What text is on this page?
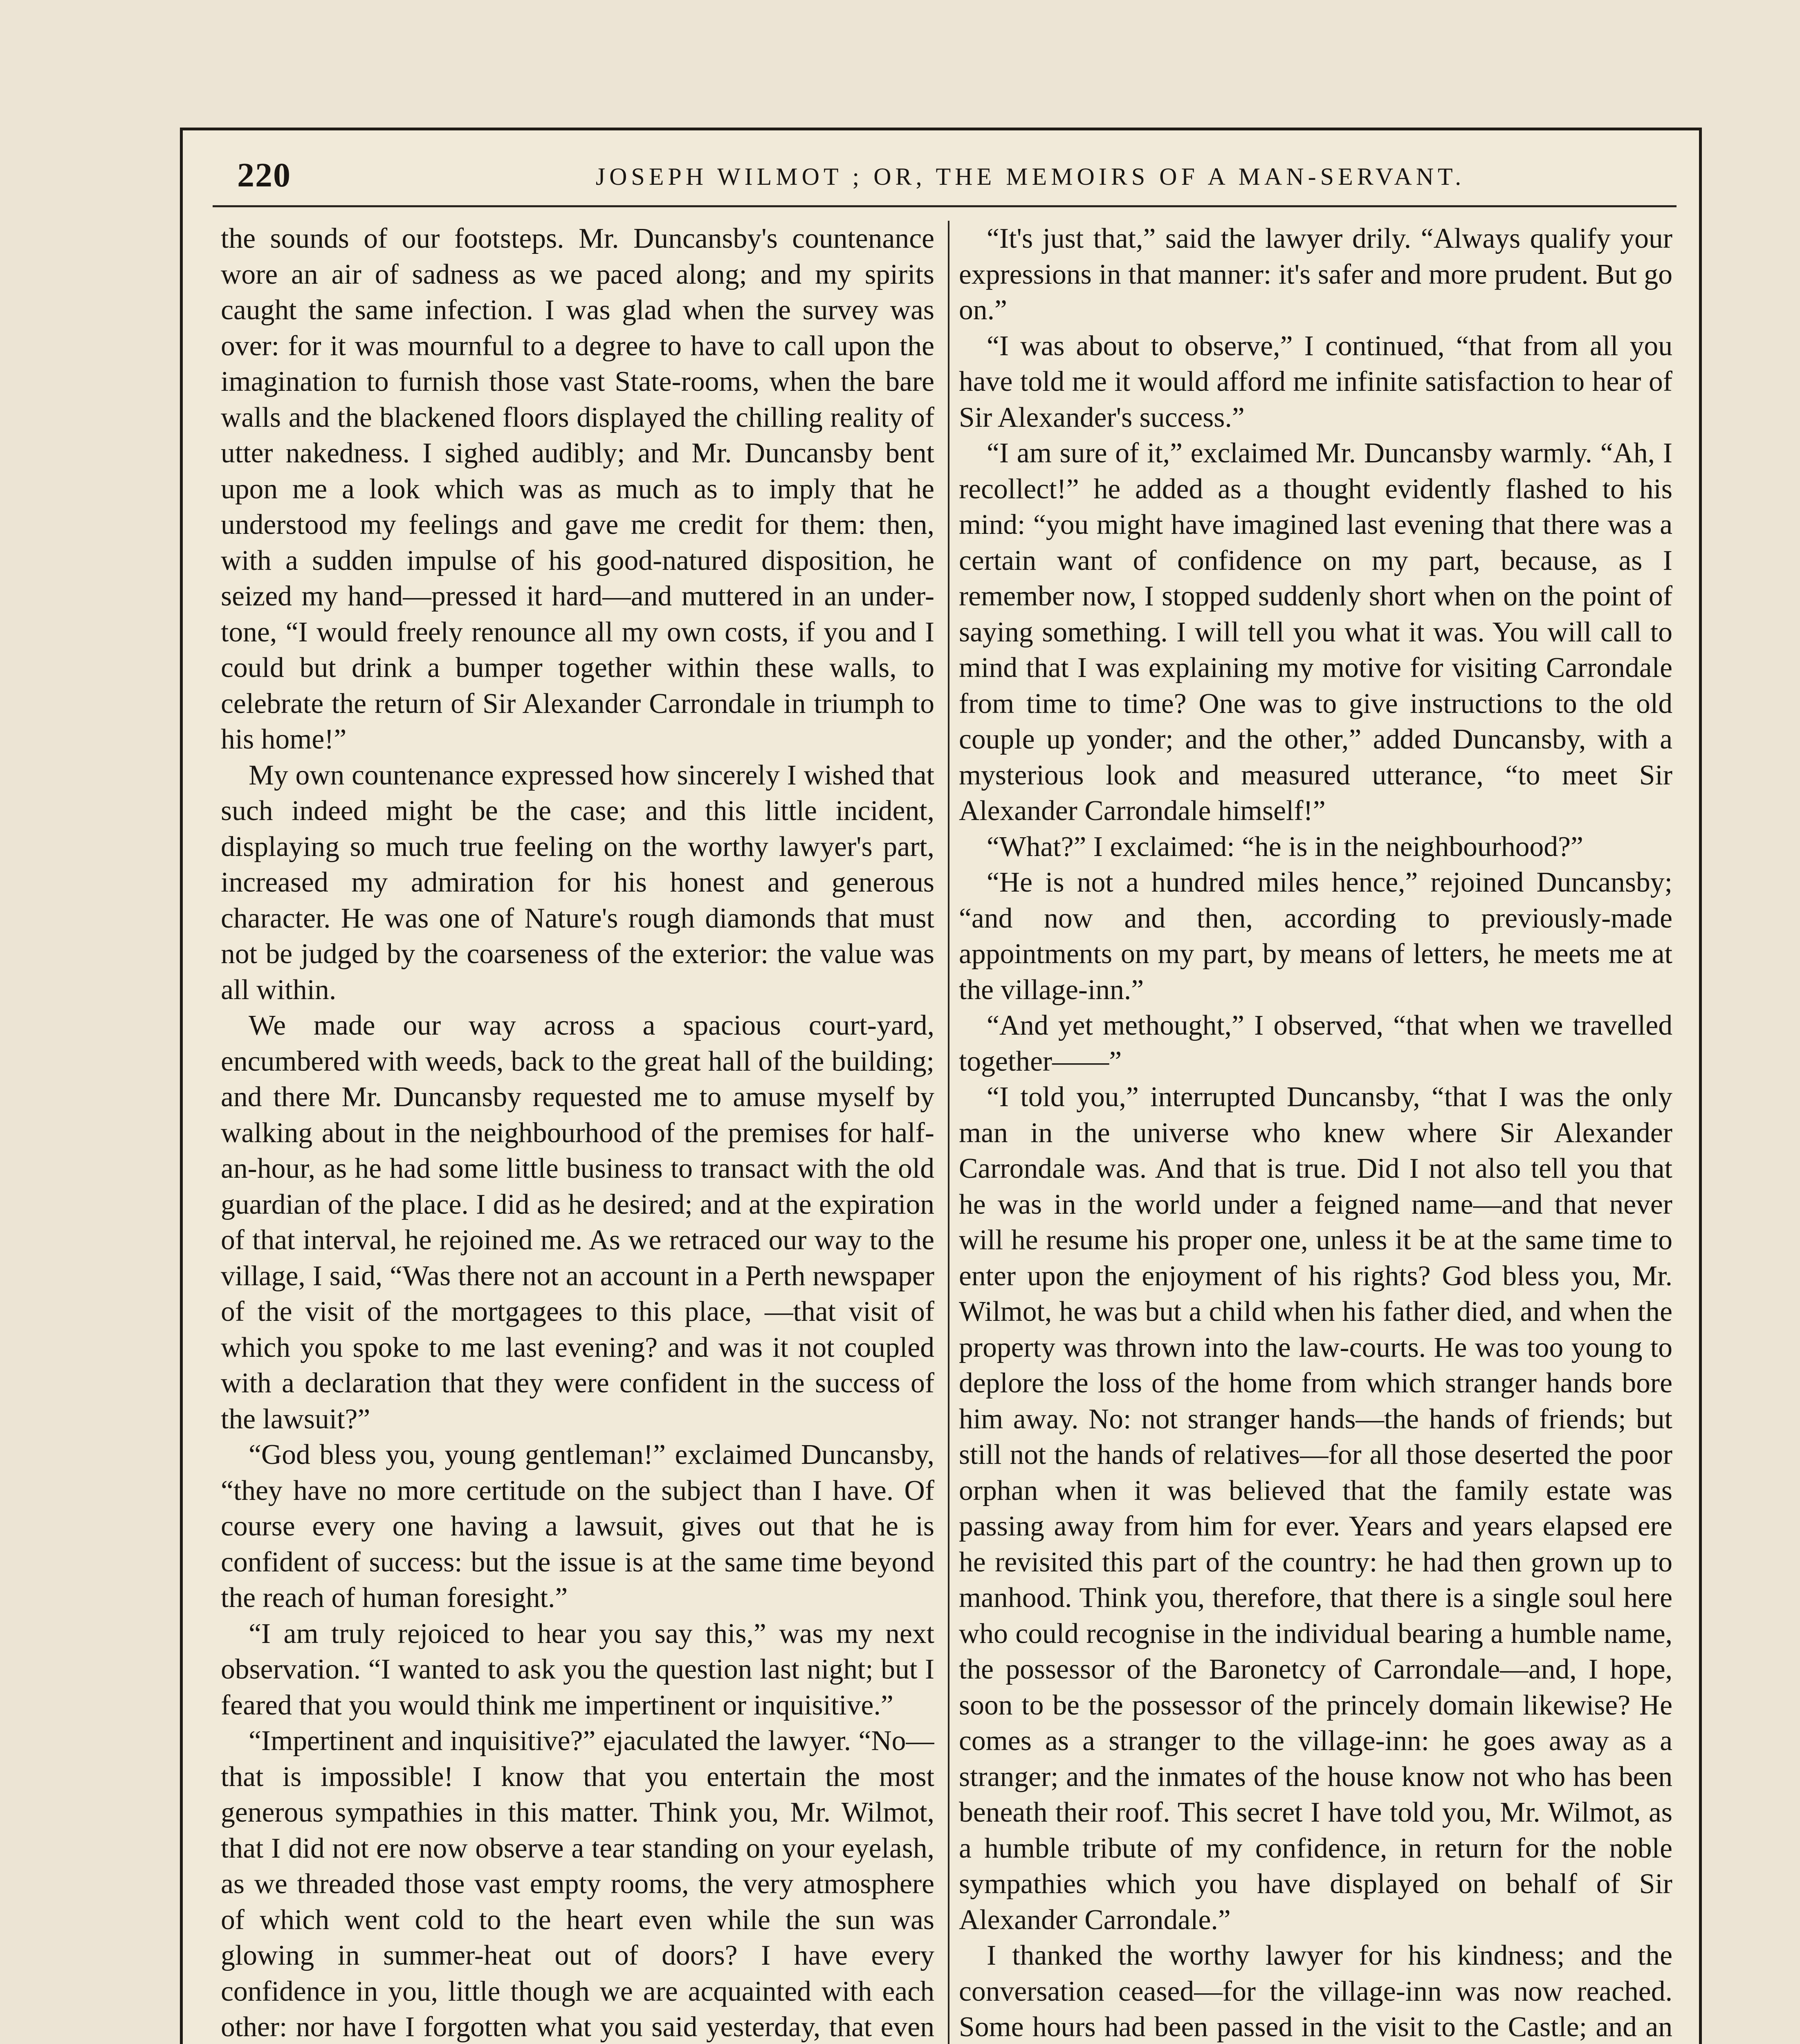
220	JOSEPH WILMOT ; OR, THE MEMOIRS OF A MAN-SERVANT.

the sounds of our footsteps. Mr. Duncansby's countenance wore an air of sadness as we paced along; and my spirits caught the same infection. I was glad when the survey was over: for it was mournful to a degree to have to call upon the imagination to furnish those vast State-rooms, when the bare walls and the blackened floors displayed the chilling reality of utter nakedness. I sighed audibly; and Mr. Duncansby bent upon me a look which was as much as to imply that he understood my feelings and gave me credit for them: then, with a sudden impulse of his good-natured disposition, he seized my hand—pressed it hard—and muttered in an under-tone, “I would freely renounce all my own costs, if you and I could but drink a bumper together within these walls, to celebrate the return of Sir Alexander Carrondale in triumph to his home!”

My own countenance expressed how sincerely I wished that such indeed might be the case; and this little incident, displaying so much true feeling on the worthy lawyer's part, increased my admiration for his honest and generous character. He was one of Nature's rough diamonds that must not be judged by the coarseness of the exterior: the value was all within.

We made our way across a spacious court-yard, encumbered with weeds, back to the great hall of the building; and there Mr. Duncansby requested me to amuse myself by walking about in the neighbourhood of the premises for half-an-hour, as he had some little business to transact with the old guardian of the place. I did as he desired; and at the expiration of that interval, he rejoined me. As we retraced our way to the village, I said, “Was there not an account in a Perth newspaper of the visit of the mortgagees to this place, —that visit of which you spoke to me last evening? and was it not coupled with a declaration that they were confident in the success of the lawsuit?”

“God bless you, young gentleman!” exclaimed Duncansby, “they have no more certitude on the subject than I have. Of course every one having a lawsuit, gives out that he is confident of success: but the issue is at the same time beyond the reach of human foresight.”

“I am truly rejoiced to hear you say this,” was my next observation. “I wanted to ask you the question last night; but I feared that you would think me impertinent or inquisitive.”

“Impertinent and inquisitive?” ejaculated the lawyer. “No—that is impossible! I know that you entertain the most generous sympathies in this matter. Think you, Mr. Wilmot, that I did not ere now observe a tear standing on your eyelash, as we threaded those vast empty rooms, the very atmosphere of which went cold to the heart even while the sun was glowing in summer-heat out of doors? I have every confidence in you, little though we are acquainted with each other: nor have I forgotten what you said yesterday, that even

“It's just that,” said the lawyer drily. “Always qualify your expressions in that manner: it's safer and more prudent. But go on.”

“I was about to observe,” I continued, “that from all you have told me it would afford me infinite satisfaction to hear of Sir Alexander's success.”

“I am sure of it,” exclaimed Mr. Duncansby warmly. “Ah, I recollect!” he added as a thought evidently flashed to his mind: “you might have imagined last evening that there was a certain want of confidence on my part, because, as I remember now, I stopped suddenly short when on the point of saying something. I will tell you what it was. You will call to mind that I was explaining my motive for visiting Carrondale from time to time? One was to give instructions to the old couple up yonder; and the other,” added Duncansby, with a mysterious look and measured utterance, “to meet Sir Alexander Carrondale himself!”

“What?” I exclaimed: “he is in the neighbourhood?”

“He is not a hundred miles hence,” rejoined Duncansby; “and now and then, according to previously-made appointments on my part, by means of letters, he meets me at the village-inn.”

“And yet methought,” I observed, “that when we travelled together——”

“I told you,” interrupted Duncansby, “that I was the only man in the universe who knew where Sir Alexander Carrondale was. And that is true. Did I not also tell you that he was in the world under a feigned name—and that never will he resume his proper one, unless it be at the same time to enter upon the enjoyment of his rights? God bless you, Mr. Wilmot, he was but a child when his father died, and when the property was thrown into the law-courts. He was too young to deplore the loss of the home from which stranger hands bore him away. No: not stranger hands—the hands of friends; but still not the hands of relatives—for all those deserted the poor orphan when it was believed that the family estate was passing away from him for ever. Years and years elapsed ere he revisited this part of the country: he had then grown up to manhood. Think you, therefore, that there is a single soul here who could recognise in the individual bearing a humble name, the possessor of the Baronetcy of Carrondale—and, I hope, soon to be the possessor of the princely domain likewise? He comes as a stranger to the village-inn: he goes away as a stranger; and the inmates of the house know not who has been beneath their roof. This secret I have told you, Mr. Wilmot, as a humble tribute of my confidence, in return for the noble sympathies which you have displayed on behalf of Sir Alexander Carrondale.”

I thanked the worthy lawyer for his kindness; and the conversation ceased—for the village-inn was now reached. Some hours had been passed in the visit to the Castle; and an
